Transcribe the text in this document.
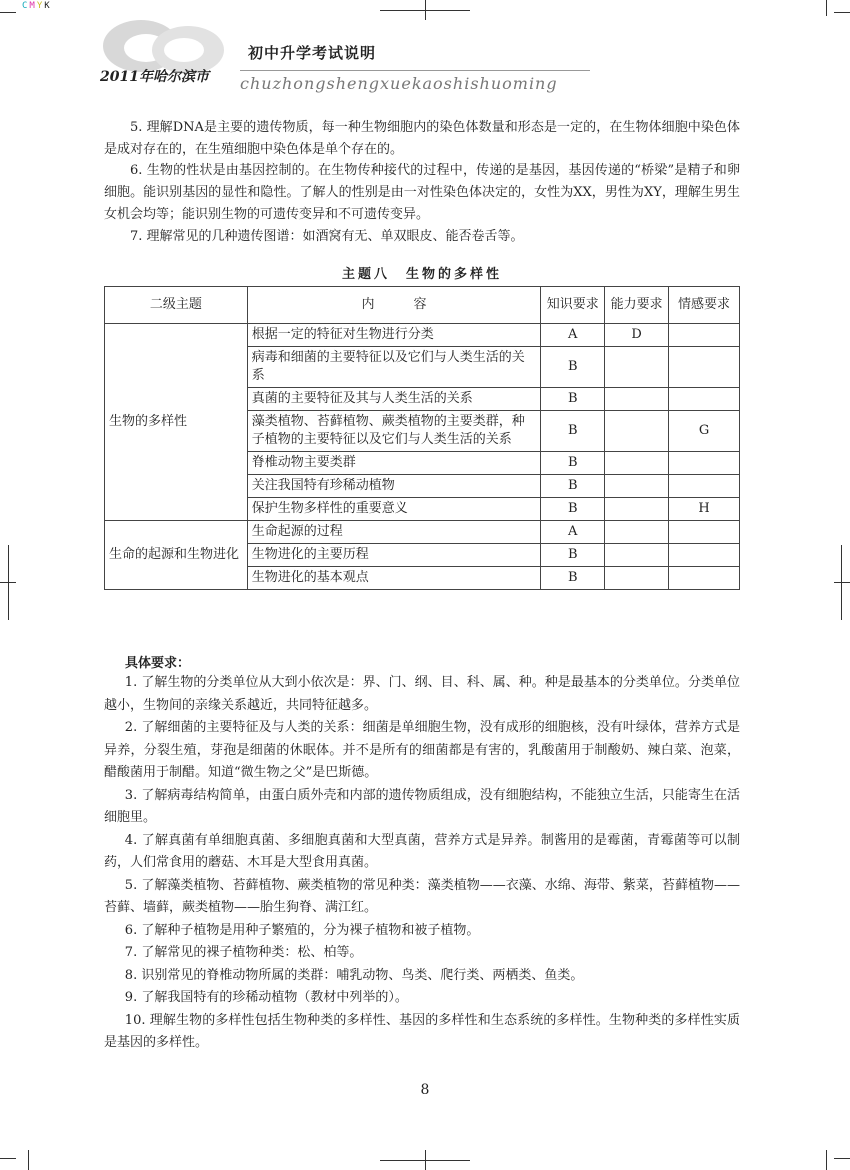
CMYK
2011年哈尔滨市
初中升学考试说明
chuzhongshengxuekaoshishuoming

5. 理解DNA是主要的遗传物质，每一种生物细胞内的染色体数量和形态是一定的，在生物体细胞中染色体是成对存在的，在生殖细胞中染色体是单个存在的。

6. 生物的性状是由基因控制的。在生物传种接代的过程中，传递的是基因，基因传递的“桥梁”是精子和卵细胞。能识别基因的显性和隐性。了解人的性别是由一对性染色体决定的，女性为XX，男性为XY，理解生男生女机会均等；能识别生物的可遗传变异和不可遗传变异。

7. 理解常见的几种遗传图谱：如酒窝有无、单双眼皮、能否卷舌等。

主题八　生物的多样性
二级主题	内　　　容	知识要求	能力要求	情感要求
生物的多样性	根据一定的特征对生物进行分类	A	D	
	病毒和细菌的主要特征以及它们与人类生活的关系	B		
	真菌的主要特征及其与人类生活的关系	B		
	藻类植物、苔藓植物、蕨类植物的主要类群，种子植物的主要特征以及它们与人类生活的关系	B		G
	脊椎动物主要类群	B		
	关注我国特有珍稀动植物	B		
	保护生物多样性的重要意义	B		H
生命的起源和生物进化	生命起源的过程	A		
	生物进化的主要历程	B		
	生物进化的基本观点	B		
具体要求：

1. 了解生物的分类单位从大到小依次是：界、门、纲、目、科、属、种。种是最基本的分类单位。分类单位越小，生物间的亲缘关系越近，共同特征越多。

2. 了解细菌的主要特征及与人类的关系：细菌是单细胞生物，没有成形的细胞核，没有叶绿体，营养方式是异养，分裂生殖，芽孢是细菌的休眠体。并不是所有的细菌都是有害的，乳酸菌用于制酸奶、辣白菜、泡菜，醋酸菌用于制醋。知道“微生物之父”是巴斯德。

3. 了解病毒结构简单，由蛋白质外壳和内部的遗传物质组成，没有细胞结构，不能独立生活，只能寄生在活细胞里。

4. 了解真菌有单细胞真菌、多细胞真菌和大型真菌，营养方式是异养。制酱用的是霉菌，青霉菌等可以制药，人们常食用的蘑菇、木耳是大型食用真菌。

5. 了解藻类植物、苔藓植物、蕨类植物的常见种类：藻类植物——衣藻、水绵、海带、紫菜，苔藓植物——苔藓、墙藓，蕨类植物——胎生狗脊、满江红。

6. 了解种子植物是用种子繁殖的，分为裸子植物和被子植物。

7. 了解常见的裸子植物种类：松、柏等。

8. 识别常见的脊椎动物所属的类群：哺乳动物、鸟类、爬行类、两栖类、鱼类。

9. 了解我国特有的珍稀动植物（教材中列举的）。

10. 理解生物的多样性包括生物种类的多样性、基因的多样性和生态系统的多样性。生物种类的多样性实质是基因的多样性。

8
